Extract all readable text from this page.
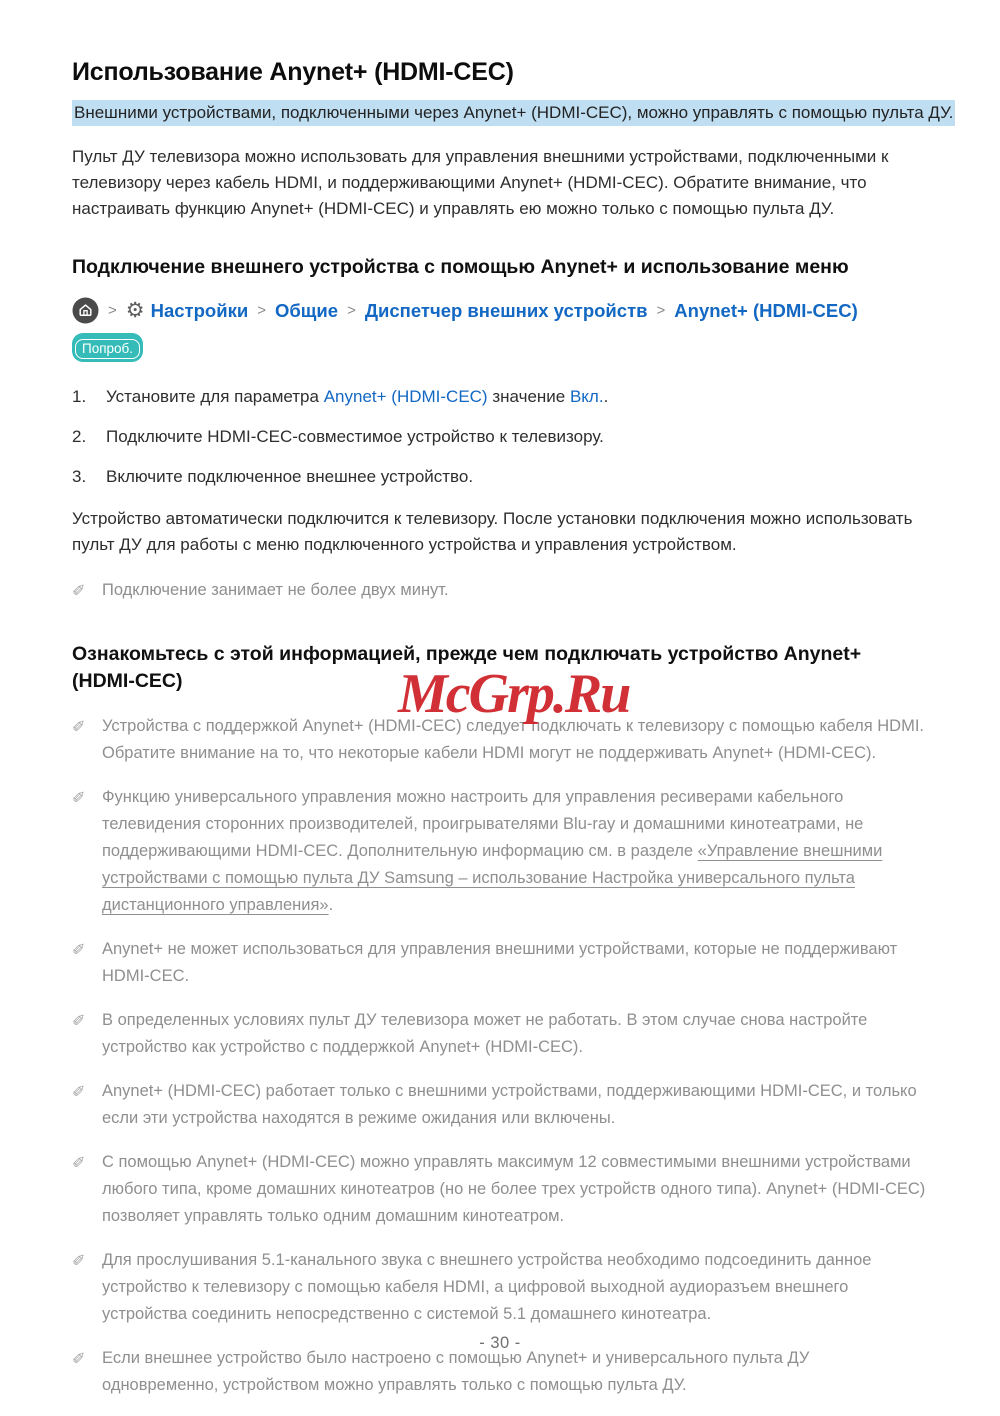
Использование Anynet+ (HDMI-CEC)
Внешними устройствами, подключенными через Anynet+ (HDMI-CEC), можно управлять с помощью пульта ДУ.

Пульт ДУ телевизора можно использовать для управления внешними устройствами, подключенными к телевизору через кабель HDMI, и поддерживающими Anynet+ (HDMI-CEC). Обратите внимание, что настраивать функцию Anynet+ (HDMI-CEC) и управлять ею можно только с помощью пульта ДУ.

Подключение внешнего устройства с помощью Anynet+ и использование меню
> ⚙ Настройки > Общие > Диспетчер внешних устройств > Anynet+ (HDMI-CEC)
Попроб.
1.	Установите для параметра Anynet+ (HDMI-CEC) значение Вкл..
2.	Подключите HDMI-CEC-совместимое устройство к телевизору.
3.	Включите подключенное внешнее устройство.

Устройство автоматически подключится к телевизору. После установки подключения можно использовать пульт ДУ для работы с меню подключенного устройства и управления устройством.

✐	Подключение занимает не более двух минут.
Ознакомьтесь с этой информацией, прежде чем подключать устройство Anynet+ (HDMI-CEC)
✐	Устройства с поддержкой Anynet+ (HDMI-CEC) следует подключать к телевизору с помощью кабеля HDMI. Обратите внимание на то, что некоторые кабели HDMI могут не поддерживать Anynet+ (HDMI-CEC).
✐	Функцию универсального управления можно настроить для управления ресиверами кабельного телевидения сторонних производителей, проигрывателями Blu-ray и домашними кинотеатрами, не поддерживающими HDMI-CEC. Дополнительную информацию см. в разделе «Управление внешними устройствами с помощью пульта ДУ Samsung – использование Настройка универсального пульта дистанционного управления».
✐	Anynet+ не может использоваться для управления внешними устройствами, которые не поддерживают HDMI-CEC.
✐	В определенных условиях пульт ДУ телевизора может не работать. В этом случае снова настройте устройство как устройство с поддержкой Anynet+ (HDMI-CEC).
✐	Anynet+ (HDMI-CEC) работает только с внешними устройствами, поддерживающими HDMI-CEC, и только если эти устройства находятся в режиме ожидания или включены.
✐	С помощью Anynet+ (HDMI-CEC) можно управлять максимум 12 совместимыми внешними устройствами любого типа, кроме домашних кинотеатров (но не более трех устройств одного типа). Anynet+ (HDMI-CEC) позволяет управлять только одним домашним кинотеатром.
✐	Для прослушивания 5.1-канального звука с внешнего устройства необходимо подсоединить данное устройство к телевизору с помощью кабеля HDMI, а цифровой выходной аудиоразъем внешнего устройства соединить непосредственно с системой 5.1 домашнего кинотеатра.
✐	Если внешнее устройство было настроено с помощью Anynet+ и универсального пульта ДУ одновременно, устройством можно управлять только с помощью пульта ДУ.
McGrp.Ru
- 30 -
